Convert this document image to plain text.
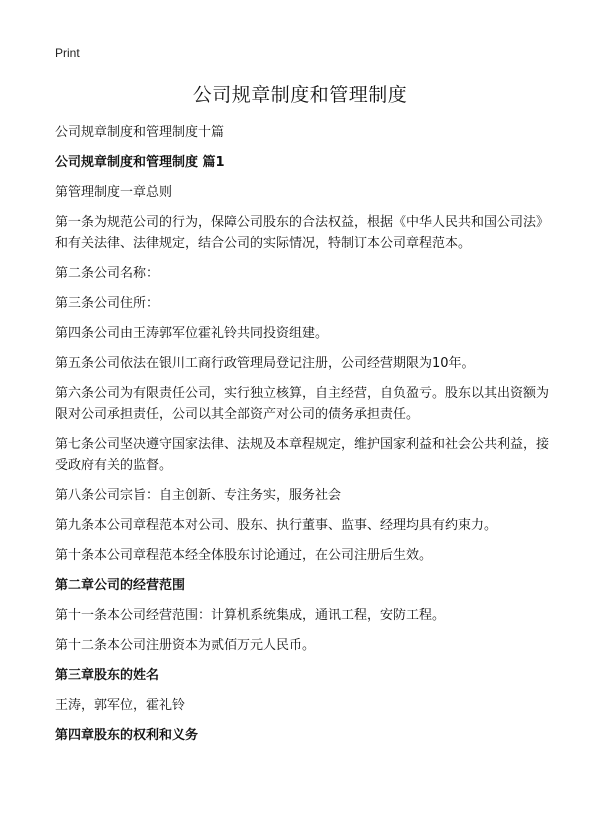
Print
公司规章制度和管理制度

公司规章制度和管理制度十篇

公司规章制度和管理制度 篇1

第管理制度一章总则

第一条为规范公司的行为，保障公司股东的合法权益，根据《中华人民共和国公司法》和有关法律、法律规定，结合公司的实际情况，特制订本公司章程范本。

第二条公司名称：

第三条公司住所：

第四条公司由王涛郭军位霍礼铃共同投资组建。

第五条公司依法在银川工商行政管理局登记注册，公司经营期限为10年。

第六条公司为有限责任公司，实行独立核算，自主经营，自负盈亏。股东以其出资额为限对公司承担责任，公司以其全部资产对公司的债务承担责任。

第七条公司坚决遵守国家法律、法规及本章程规定，维护国家利益和社会公共利益，接受政府有关的监督。

第八条公司宗旨：自主创新、专注务实，服务社会

第九条本公司章程范本对公司、股东、执行董事、监事、经理均具有约束力。

第十条本公司章程范本经全体股东讨论通过，在公司注册后生效。

第二章公司的经营范围

第十一条本公司经营范围：计算机系统集成，通讯工程，安防工程。

第十二条本公司注册资本为贰佰万元人民币。

第三章股东的姓名

王涛，郭军位，霍礼铃

第四章股东的权利和义务
